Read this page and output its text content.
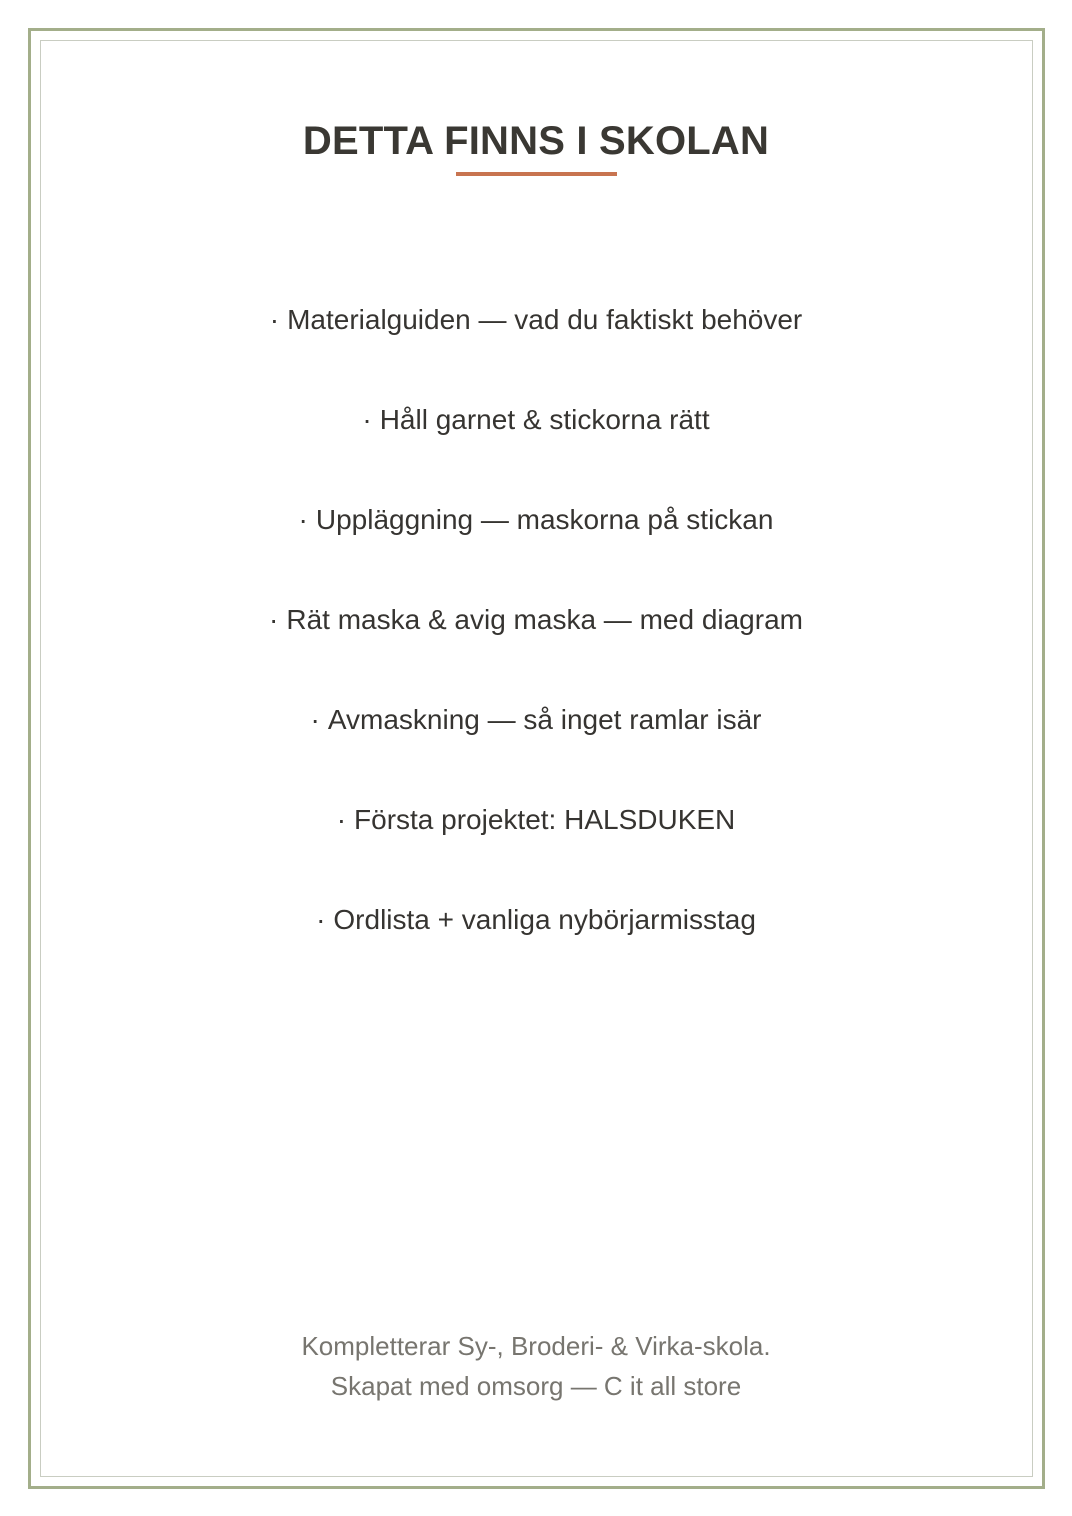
DETTA FINNS I SKOLAN
· Materialguiden — vad du faktiskt behöver
· Håll garnet & stickorna rätt
· Uppläggning — maskorna på stickan
· Rät maska & avig maska — med diagram
· Avmaskning — så inget ramlar isär
· Första projektet: HALSDUKEN
· Ordlista + vanliga nybörjarmisstag
Kompletterar Sy-, Broderi- & Virka-skola.
Skapat med omsorg — C it all store
